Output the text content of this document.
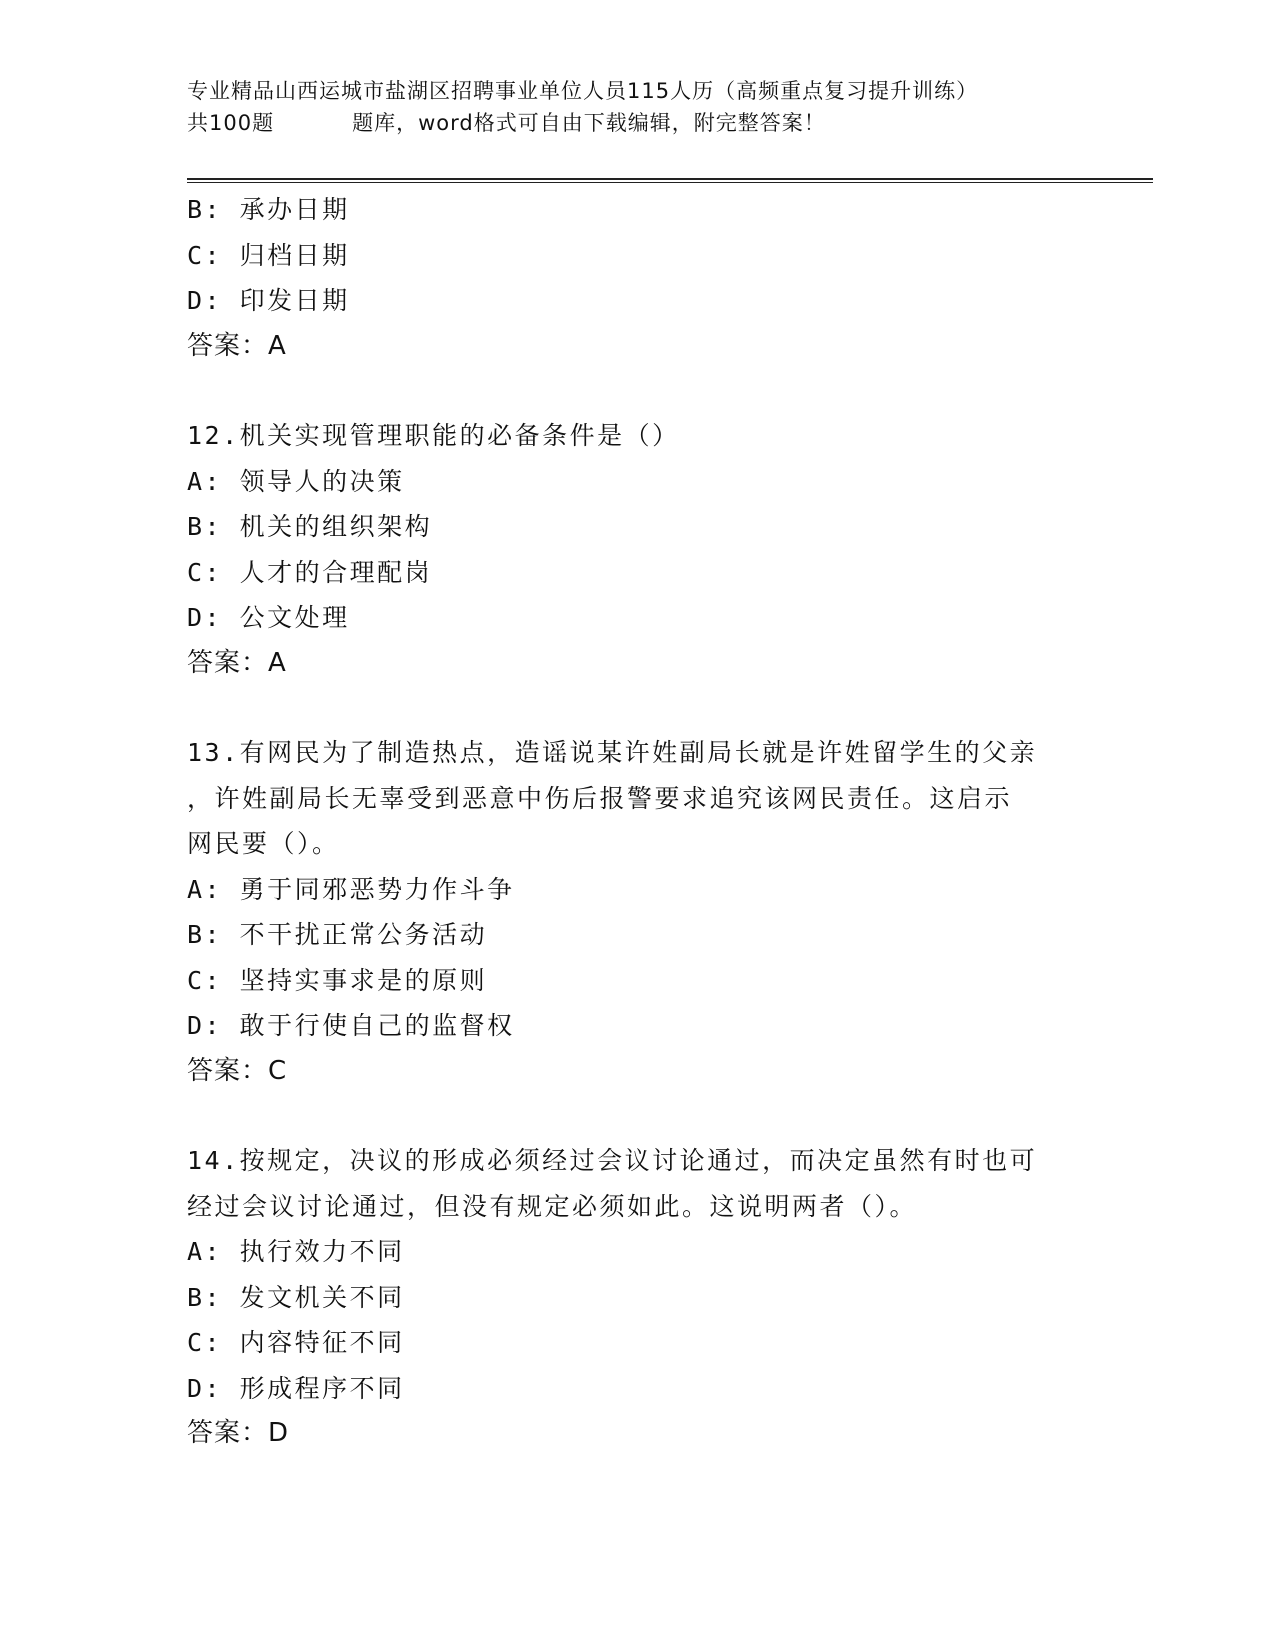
专业精品山西运城市盐湖区招聘事业单位人员115人历（高频重点复习提升训练）
共100题	题库，word格式可自由下载编辑，附完整答案！
B: 承办日期
C: 归档日期
D: 印发日期
答案：A
12.机关实现管理职能的必备条件是（）
A: 领导人的决策
B: 机关的组织架构
C: 人才的合理配岗
D: 公文处理
答案：A
13.有网民为了制造热点，造谣说某许姓副局长就是许姓留学生的父亲
，许姓副局长无辜受到恶意中伤后报警要求追究该网民责任。这启示
网民要（）。
A: 勇于同邪恶势力作斗争
B: 不干扰正常公务活动
C: 坚持实事求是的原则
D: 敢于行使自己的监督权
答案：C
14.按规定，决议的形成必须经过会议讨论通过，而决定虽然有时也可
经过会议讨论通过，但没有规定必须如此。这说明两者（）。
A: 执行效力不同
B: 发文机关不同
C: 内容特征不同
D: 形成程序不同
答案：D
